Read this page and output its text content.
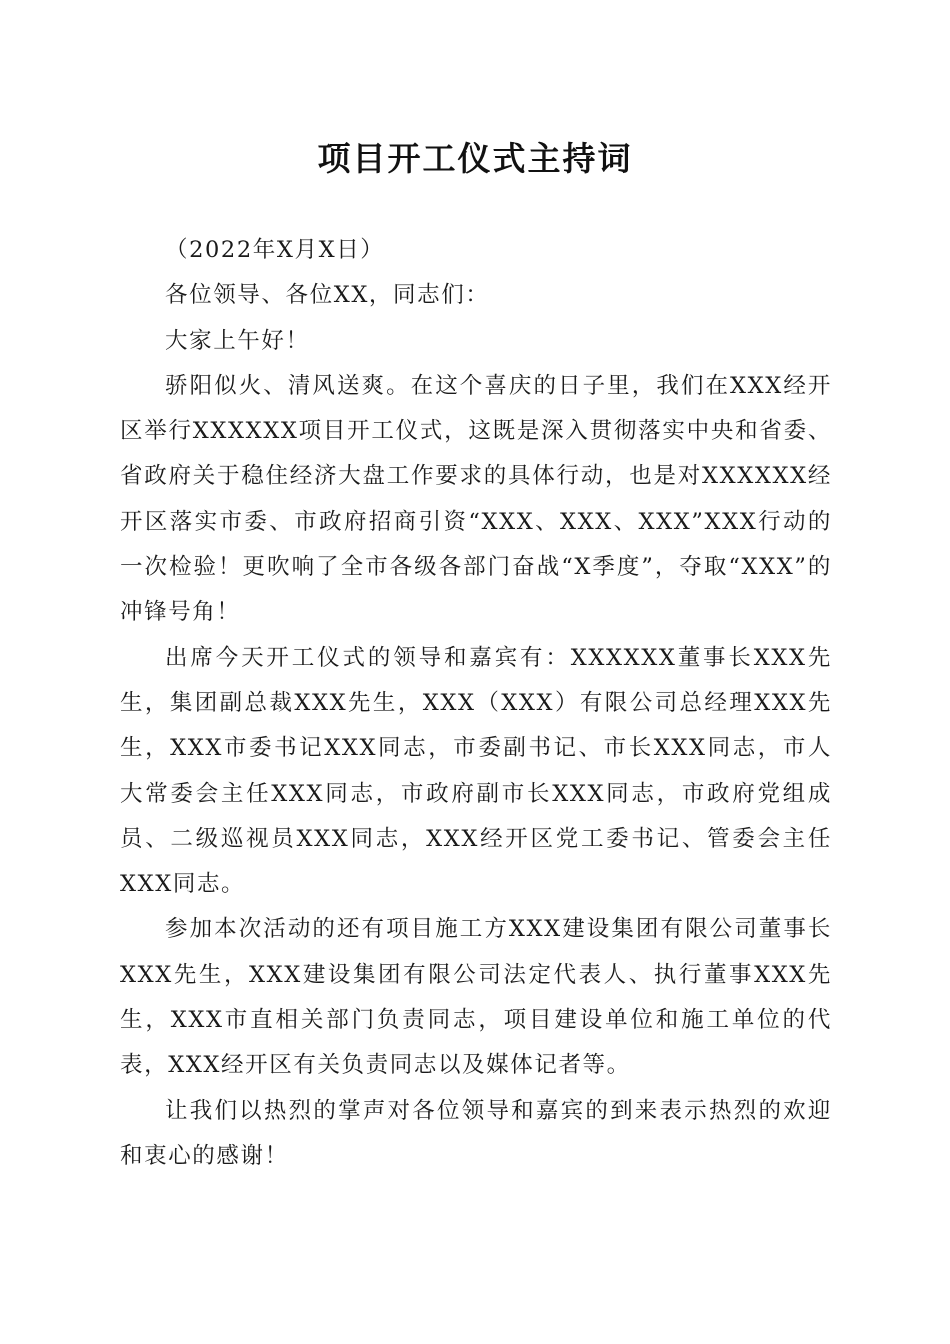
项目开工仪式主持词

（2022年X月X日）

各位领导、各位XX，同志们：

大家上午好！

骄阳似火、清风送爽。在这个喜庆的日子里，我们在XXX经开区举行XXXXXX项目开工仪式，这既是深入贯彻落实中央和省委、省政府关于稳住经济大盘工作要求的具体行动，也是对XXXXXX经开区落实市委、市政府招商引资“XXX、XXX、XXX”XXX行动的一次检验！更吹响了全市各级各部门奋战“X季度”，夺取“XXX”的冲锋号角！

出席今天开工仪式的领导和嘉宾有：XXXXXX董事长XXX先生，集团副总裁XXX先生，XXX（XXX）有限公司总经理XXX先生，XXX市委书记XXX同志，市委副书记、市长XXX同志，市人大常委会主任XXX同志，市政府副市长XXX同志，市政府党组成员、二级巡视员XXX同志，XXX经开区党工委书记、管委会主任XXX同志。

参加本次活动的还有项目施工方XXX建设集团有限公司董事长XXX先生，XXX建设集团有限公司法定代表人、执行董事XXX先生，XXX市直相关部门负责同志，项目建设单位和施工单位的代表，XXX经开区有关负责同志以及媒体记者等。

让我们以热烈的掌声对各位领导和嘉宾的到来表示热烈的欢迎和衷心的感谢！
